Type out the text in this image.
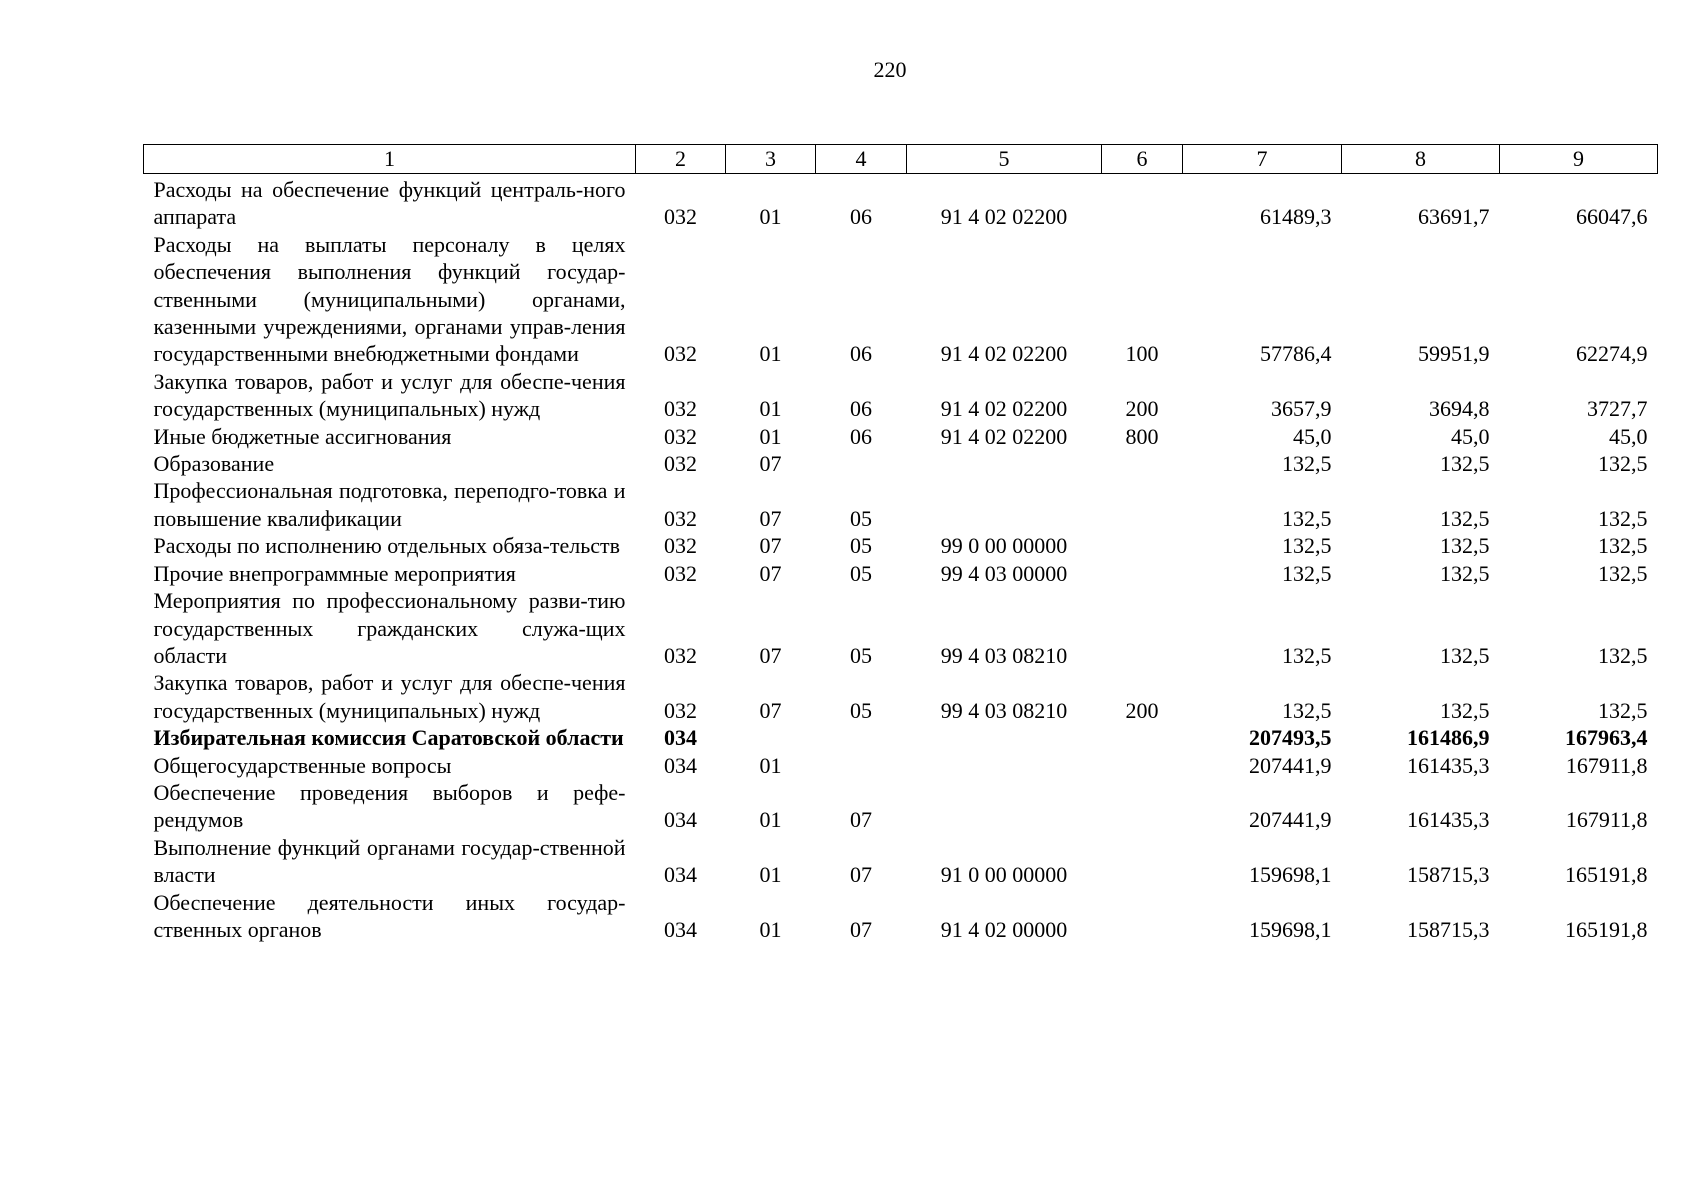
220
1	2	3	4	5	6	7	8	9
Расходы на обеспечение функций централь-ного аппарата	032	01	06	91 4 02 02200		61489,3	63691,7	66047,6
Расходы на выплаты персоналу в целях обеспечения выполнения функций государ-ственными (муниципальными) органами, казенными учреждениями, органами управ-ления государственными внебюджетными фондами	032	01	06	91 4 02 02200	100	57786,4	59951,9	62274,9
Закупка товаров, работ и услуг для обеспе-чения государственных (муниципальных) нужд	032	01	06	91 4 02 02200	200	3657,9	3694,8	3727,7
Иные бюджетные ассигнования	032	01	06	91 4 02 02200	800	45,0	45,0	45,0
Образование	032	07				132,5	132,5	132,5
Профессиональная подготовка, переподго-товка и повышение квалификации	032	07	05			132,5	132,5	132,5
Расходы по исполнению отдельных обяза-тельств	032	07	05	99 0 00 00000		132,5	132,5	132,5
Прочие внепрограммные мероприятия	032	07	05	99 4 03 00000		132,5	132,5	132,5
Мероприятия по профессиональному разви-тию государственных гражданских служа-щих области	032	07	05	99 4 03 08210		132,5	132,5	132,5
Закупка товаров, работ и услуг для обеспе-чения государственных (муниципальных) нужд	032	07	05	99 4 03 08210	200	132,5	132,5	132,5
Избирательная комиссия Саратовской области	034					207493,5	161486,9	167963,4
Общегосударственные вопросы	034	01				207441,9	161435,3	167911,8
Обеспечение проведения выборов и рефе-рендумов	034	01	07			207441,9	161435,3	167911,8
Выполнение функций органами государ-ственной власти	034	01	07	91 0 00 00000		159698,1	158715,3	165191,8
Обеспечение деятельности иных государ-ственных органов	034	01	07	91 4 02 00000		159698,1	158715,3	165191,8
